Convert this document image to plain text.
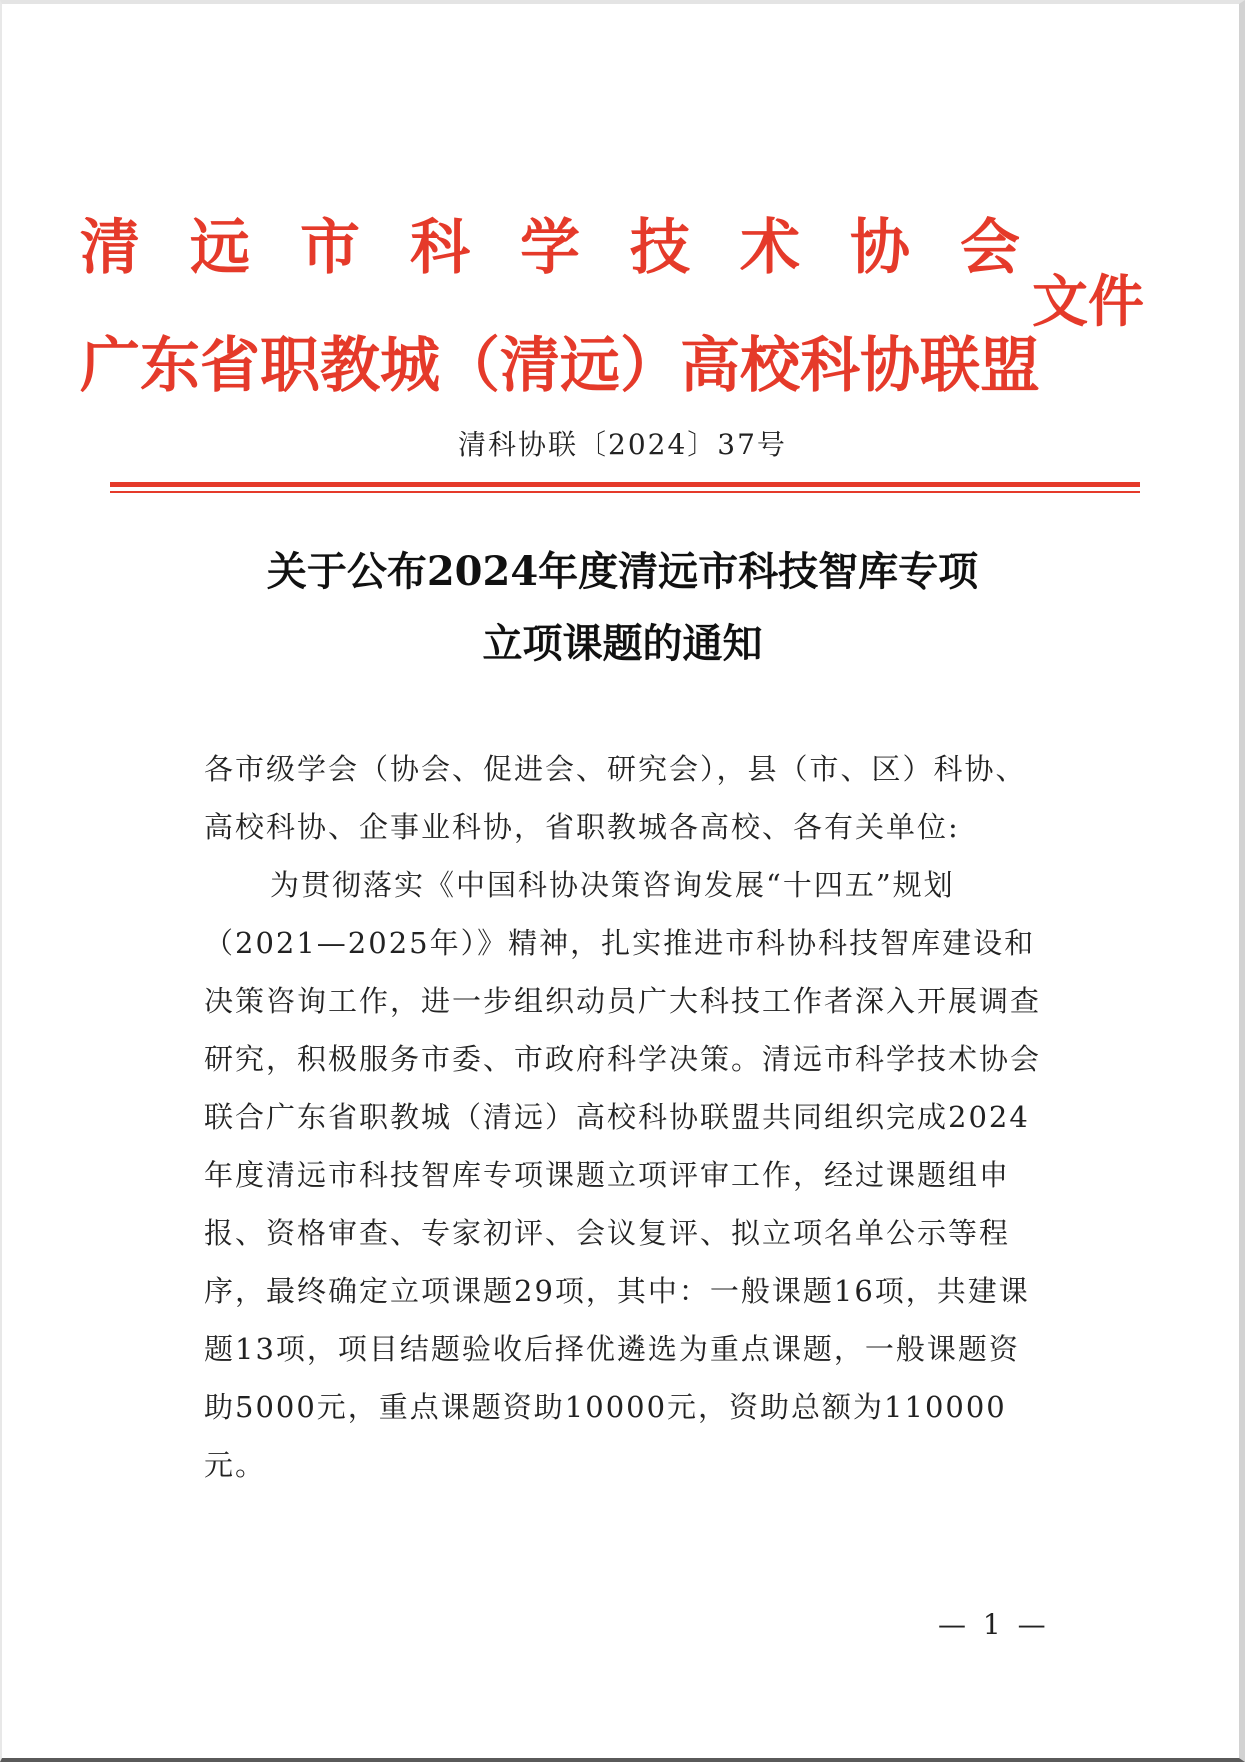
清远市科学技术协会
广东省职教城（清远）高校科协联盟
文件
清科协联〔2024〕37号
关于公布2024年度清远市科技智库专项
立项课题的通知

各市级学会（协会、促进会、研究会），县（市、区）科协、高校科协、企事业科协，省职教城各高校、各有关单位:

为贯彻落实《中国科协决策咨询发展“十四五”规划（2021—2025年）》精神，扎实推进市科协科技智库建设和决策咨询工作，进一步组织动员广大科技工作者深入开展调查研究，积极服务市委、市政府科学决策。清远市科学技术协会联合广东省职教城（清远）高校科协联盟共同组织完成2024年度清远市科技智库专项课题立项评审工作，经过课题组申报、资格审查、专家初评、会议复评、拟立项名单公示等程序，最终确定立项课题29项，其中：一般课题16项，共建课题13项，项目结题验收后择优遴选为重点课题，一般课题资助5000元，重点课题资助10000元，资助总额为110000元。

— 1 —
